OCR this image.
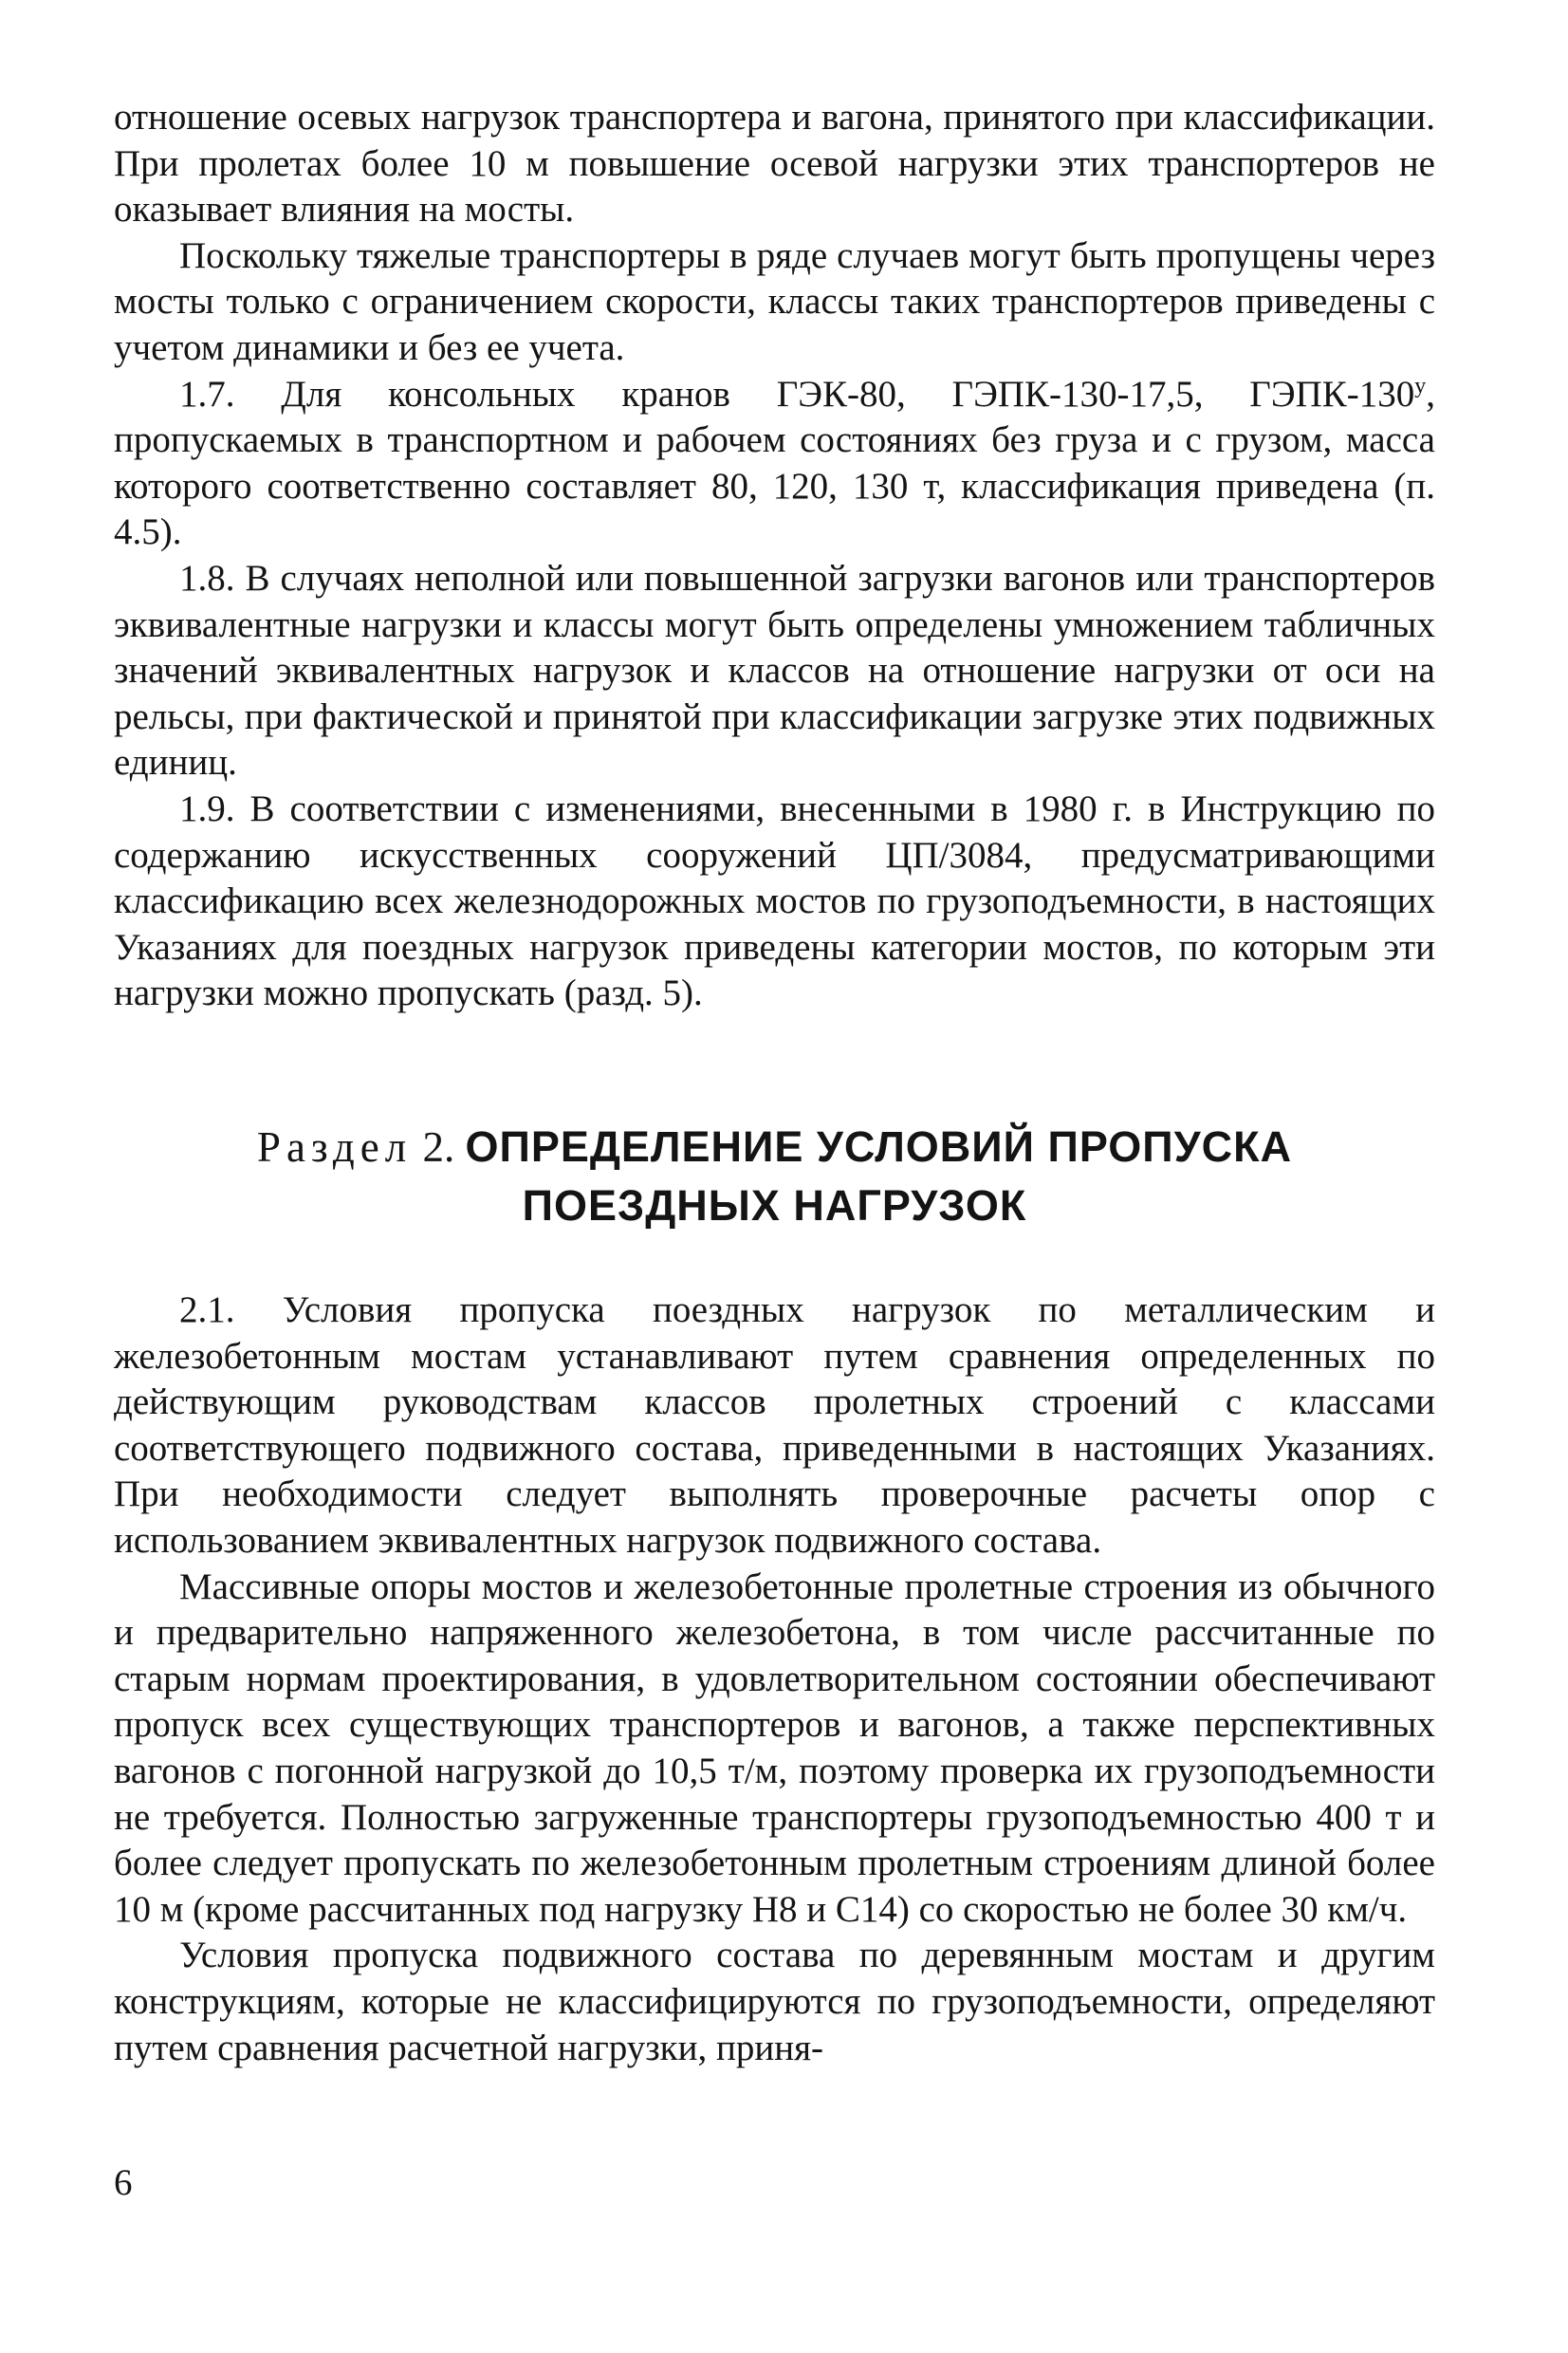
отношение осевых нагрузок транспортера и вагона, принятого при классификации. При пролетах более 10 м повышение осевой нагрузки этих транспортеров не оказывает влияния на мосты.

Поскольку тяжелые транспортеры в ряде случаев могут быть пропущены через мосты только с ограничением скорости, классы таких транспортеров приведены с учетом динамики и без ее учета.

1.7. Для консольных кранов ГЭК-80, ГЭПК-130-17,5, ГЭПК-$130^у$, пропускаемых в транспортном и рабочем состояниях без груза и с грузом, масса которого соответственно составляет 80, 120, 130 т, классификация приведена (п. 4.5).

1.8. В случаях неполной или повышенной загрузки вагонов или транспортеров эквивалентные нагрузки и классы могут быть определены умножением табличных значений эквивалентных нагрузок и классов на отношение нагрузки от оси на рельсы, при фактической и принятой при классификации загрузке этих подвижных единиц.

1.9. В соответствии с изменениями, внесенными в 1980 г. в Инструкцию по содержанию искусственных сооружений ЦП/3084, предусматривающими классификацию всех железнодорожных мостов по грузоподъемности, в настоящих Указаниях для поездных нагрузок приведены категории мостов, по которым эти нагрузки можно пропускать (разд. 5).

Раздел 2. ОПРЕДЕЛЕНИЕ УСЛОВИЙ ПРОПУСКА
ПОЕЗДНЫХ НАГРУЗОК

2.1. Условия пропуска поездных нагрузок по металлическим и железобетонным мостам устанавливают путем сравнения определенных по действующим руководствам классов пролетных строений с классами соответствующего подвижного состава, приведенными в настоящих Указаниях. При необходимости следует выполнять проверочные расчеты опор с использованием эквивалентных нагрузок подвижного состава.

Массивные опоры мостов и железобетонные пролетные строения из обычного и предварительно напряженного железобетона, в том числе рассчитанные по старым нормам проектирования, в удовлетворительном состоянии обеспечивают пропуск всех существующих транспортеров и вагонов, а также перспективных вагонов с погонной нагрузкой до 10,5 т/м, поэтому проверка их грузоподъемности не требуется. Полностью загруженные транспортеры грузоподъемностью 400 т и более следует пропускать по железобетонным пролетным строениям длиной более 10 м (кроме рассчитанных под нагрузку Н8 и С14) со скоростью не более 30 км/ч.

Условия пропуска подвижного состава по деревянным мостам и другим конструкциям, которые не классифицируются по грузоподъемности, определяют путем сравнения расчетной нагрузки, приня-

6
